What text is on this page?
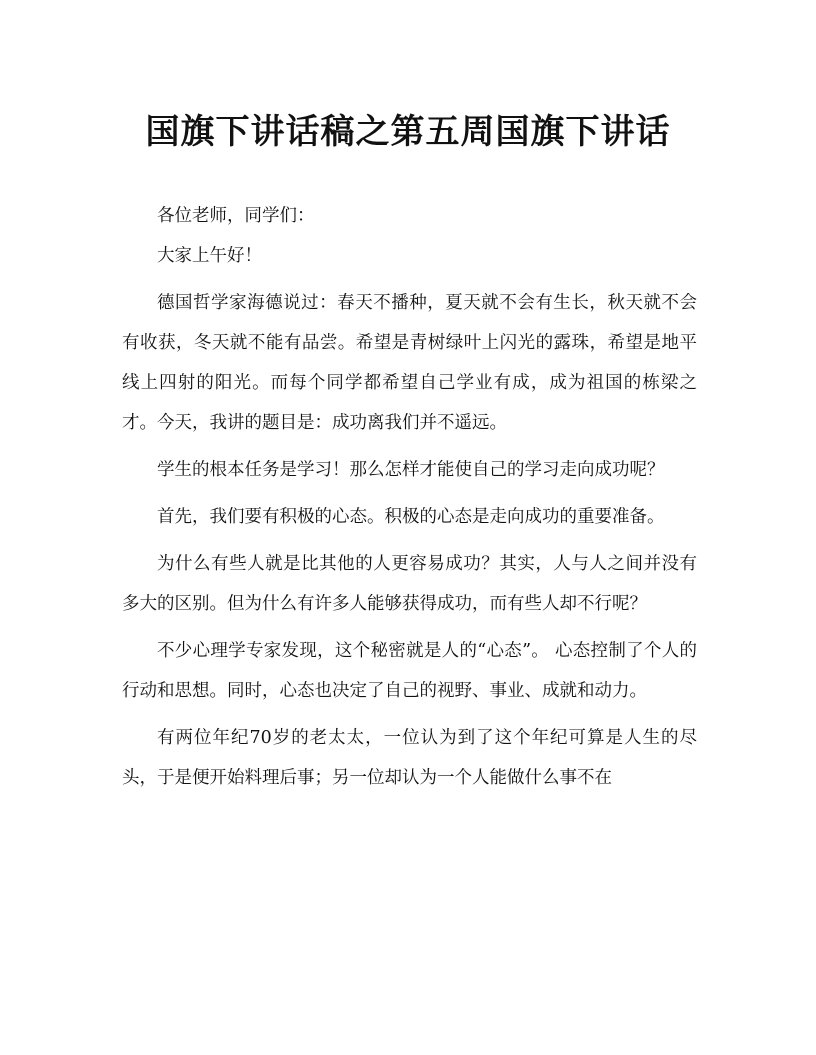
国旗下讲话稿之第五周国旗下讲话

各位老师，同学们：

大家上午好！

德国哲学家海德说过：春天不播种，夏天就不会有生长，秋天就不会有收获，冬天就不能有品尝。希望是青树绿叶上闪光的露珠，希望是地平线上四射的阳光。而每个同学都希望自己学业有成，成为祖国的栋梁之才。今天，我讲的题目是：成功离我们并不遥远。

学生的根本任务是学习！那么怎样才能使自己的学习走向成功呢？

首先，我们要有积极的心态。积极的心态是走向成功的重要准备。

为什么有些人就是比其他的人更容易成功？其实，人与人之间并没有多大的区别。但为什么有许多人能够获得成功，而有些人却不行呢？

不少心理学专家发现，这个秘密就是人的“心态”。 心态控制了个人的行动和思想。同时，心态也决定了自己的视野、事业、成就和动力。

有两位年纪70岁的老太太，一位认为到了这个年纪可算是人生的尽头，于是便开始料理后事；另一位却认为一个人能做什么事不在
